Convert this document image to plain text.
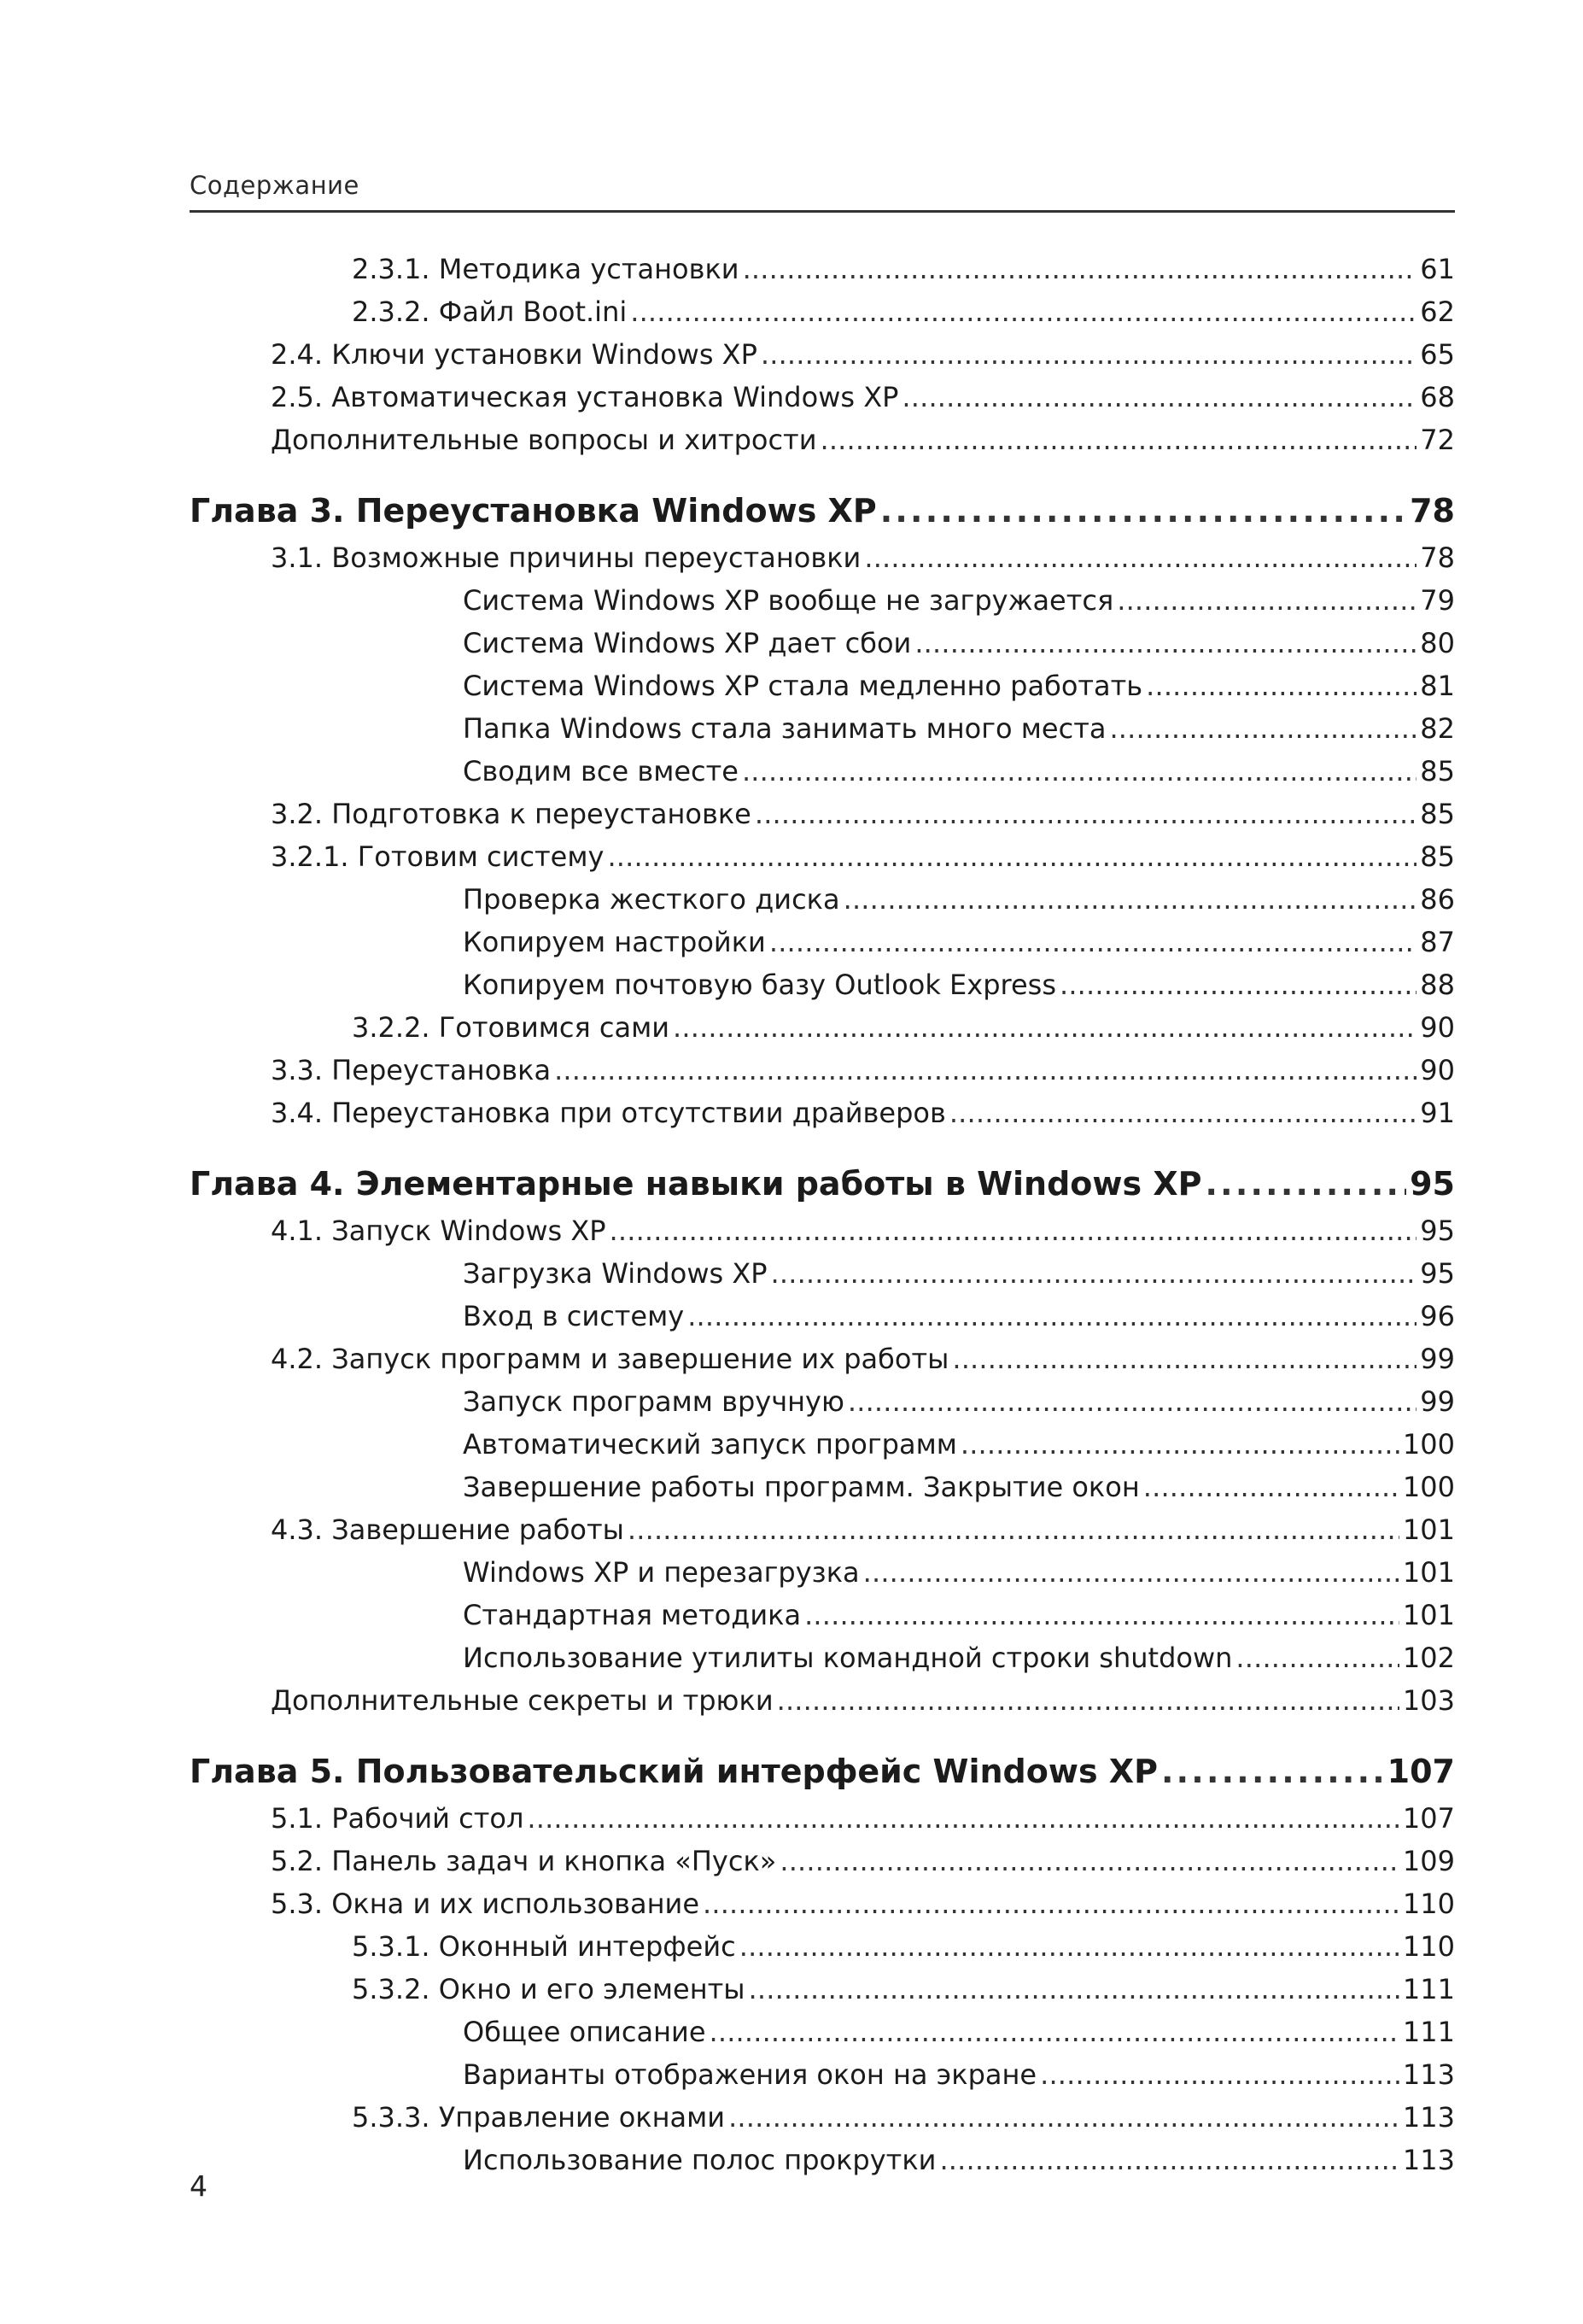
Содержание
2.3.1. Методика установки . . .	61
2.3.2. Файл Boot.ini . . .	62
2.4. Ключи установки Windows XP . . .	65
2.5. Автоматическая установка Windows XP . . .	68
Дополнительные вопросы и хитрости . . .	72
Глава 3. Переустановка Windows XP . . .	78
3.1. Возможные причины переустановки . . .	78
Система Windows XP вообще не загружается . . .	79
Система Windows XP дает сбои . . .	80
Система Windows XP стала медленно работать . . .	81
Папка Windows стала занимать много места . . .	82
Сводим все вместе . . .	85
3.2. Подготовка к переустановке . . .	85
3.2.1. Готовим систему . . .	85
Проверка жесткого диска . . .	86
Копируем настройки . . .	87
Копируем почтовую базу Outlook Express . . .	88
3.2.2. Готовимся сами . . .	90
3.3. Переустановка . . .	90
3.4. Переустановка при отсутствии драйверов . . .	91
Глава 4. Элементарные навыки работы в Windows XP . . .	95
4.1. Запуск Windows XP . . .	95
Загрузка Windows XP . . .	95
Вход в систему . . .	96
4.2. Запуск программ и завершение их работы . . .	99
Запуск программ вручную . . .	99
Автоматический запуск программ . . .	100
Завершение работы программ. Закрытие окон . . .	100
4.3. Завершение работы . . .	101
Windows XP и перезагрузка . . .	101
Стандартная методика . . .	101
Использование утилиты командной строки shutdown . . .	102
Дополнительные секреты и трюки . . .	103
Глава 5. Пользовательский интерфейс Windows XP . . .	107
5.1. Рабочий стол . . .	107
5.2. Панель задач и кнопка «Пуск» . . .	109
5.3. Окна и их использование . . .	110
5.3.1. Оконный интерфейс . . .	110
5.3.2. Окно и его элементы . . .	111
Общее описание . . .	111
Варианты отображения окон на экране . . .	113
5.3.3. Управление окнами . . .	113
Использование полос прокрутки . . .	113
4
